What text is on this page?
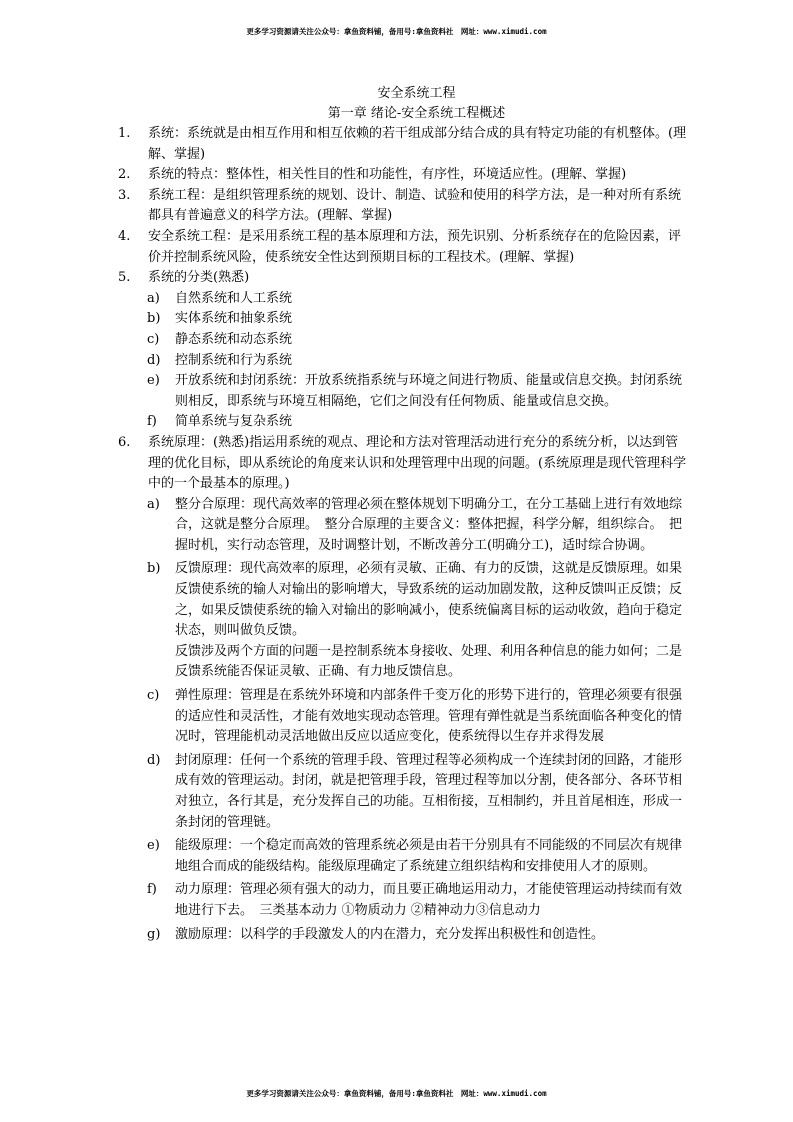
更多学习资源请关注公众号：拿鱼资料铺，备用号:拿鱼资料社　网址：www.ximudi.com
安全系统工程
第一章 绪论-安全系统工程概述
1. 系统：系统就是由相互作用和相互依赖的若干组成部分结合成的具有特定功能的有机整体。(理解、掌握)
2. 系统的特点：整体性，相关性目的性和功能性，有序性，环境适应性。(理解、掌握)
3. 系统工程：是组织管理系统的规划、设计、制造、试验和使用的科学方法，是一种对所有系统都具有普遍意义的科学方法。(理解、掌握)
4. 安全系统工程：是采用系统工程的基本原理和方法，预先识别、分析系统存在的危险因素，评价并控制系统风险，使系统安全性达到预期目标的工程技术。(理解、掌握)
5. 系统的分类(熟悉)
a) 自然系统和人工系统
b) 实体系统和抽象系统
c) 静态系统和动态系统
d) 控制系统和行为系统
e) 开放系统和封闭系统：开放系统指系统与环境之间进行物质、能量或信息交换。封闭系统则相反，即系统与环境互相隔绝，它们之间没有任何物质、能量或信息交换。
f) 简单系统与复杂系统
6. 系统原理：(熟悉)指运用系统的观点、理论和方法对管理活动进行充分的系统分析，以达到管理的优化目标，即从系统论的角度来认识和处理管理中出现的问题。(系统原理是现代管理科学中的一个最基本的原理。)
a) 整分合原理：现代高效率的管理必须在整体规划下明确分工，在分工基础上进行有效地综合，这就是整分合原理。　整分合原理的主要含义：整体把握，科学分解，组织综合。　把握时机，实行动态管理，及时调整计划，不断改善分工(明确分工)，适时综合协调。
b) 反馈原理：现代高效率的原理，必须有灵敏、正确、有力的反馈，这就是反馈原理。如果反馈使系统的输人对输出的影响增大，导致系统的运动加剧发散，这种反馈叫正反馈；反之，如果反馈使系统的输入对输出的影响减小，使系统偏离目标的运动收敛，趋向于稳定状态，则叫做负反馈。
反馈涉及两个方面的问题一是控制系统本身接收、处理、利用各种信息的能力如何；二是反馈系统能否保证灵敏、正确、有力地反馈信息。
c) 弹性原理：管理是在系统外环境和内部条件千变万化的形势下进行的，管理必须要有很强的适应性和灵活性，才能有效地实现动态管理。管理有弹性就是当系统面临各种变化的情况时，管理能机动灵活地做出反应以适应变化，使系统得以生存并求得发展
d) 封闭原理：任何一个系统的管理手段、管理过程等必须构成一个连续封闭的回路，才能形成有效的管理运动。封闭，就是把管理手段，管理过程等加以分割，使各部分、各环节相对独立，各行其是，充分发挥自己的功能。互相衔接，互相制约，并且首尾相连，形成一条封闭的管理链。
e) 能级原理：一个稳定而高效的管理系统必须是由若干分别具有不同能级的不同层次有规律地组合而成的能级结构。能级原理确定了系统建立组织结构和安排使用人才的原则。
f) 动力原理：管理必须有强大的动力，而且要正确地运用动力，才能使管理运动持续而有效地进行下去。　三类基本动力 ①物质动力 ②精神动力③信息动力
g) 激励原理：以科学的手段激发人的内在潜力，充分发挥出积极性和创造性。
更多学习资源请关注公众号：拿鱼资料铺，备用号:拿鱼资料社　网址：www.ximudi.com
